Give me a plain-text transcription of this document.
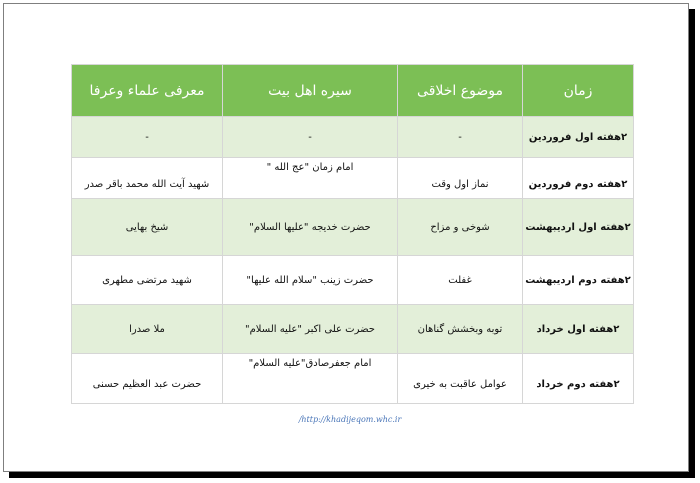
زمان	موضوع اخلاقی	سیره اهل بیت	معرفی علماء وعرفا
۲هفته اول فروردین	-	-	-
۲هفته دوم فروردین	نماز اول وقت	امام زمان "عج الله "	شهید آیت الله محمد باقر صدر
۲هفته اول اردیبهشت	شوخی و مزاح	حضرت خدیجه "علیها السلام"	شیخ بهایی
۲هفته دوم اردیبهشت	غفلت	حضرت زینب "سلام الله علیها"	شهید مرتضی مطهری
۲هفته اول خرداد	توبه وبخشش گناهان	حضرت علی اکبر "علیه السلام"	ملا صدرا
۲هفته دوم خرداد	عوامل عاقبت به خیری	امام جعفرصادق"علیه السلام"	حضرت عبد العظیم حسنی
/http://khadijeqom.whc.ir
